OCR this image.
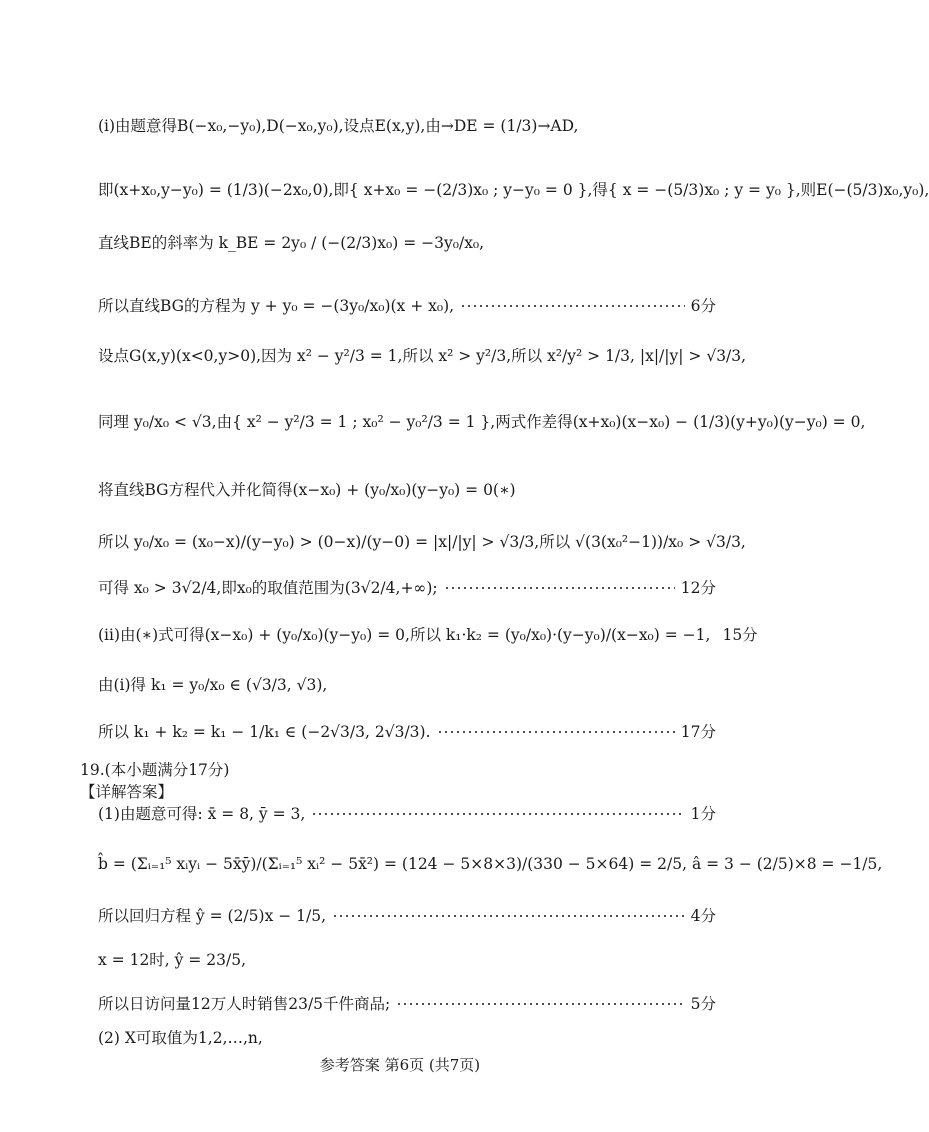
(ⅰ)由题意得B(−x₀,−y₀),D(−x₀,y₀),设点E(x,y),由→DE = (1/3)→AD,
即(x+x₀,y−y₀) = (1/3)(−2x₀,0),即{ x+x₀ = −(2/3)x₀ ; y−y₀ = 0 },得{ x = −(5/3)x₀ ; y = y₀ },则E(−(5/3)x₀,y₀),
直线BE的斜率为 k_BE = 2y₀ / (−(2/3)x₀) = −3y₀/x₀,
所以直线BG的方程为 y + y₀ = −(3y₀/x₀)(x + x₀),	6分
设点G(x,y)(x<0,y>0),因为 x² − y²/3 = 1,所以 x² > y²/3,所以 x²/y² > 1/3, |x|/|y| > √3/3,
同理 y₀/x₀ < √3,由{ x² − y²/3 = 1 ; x₀² − y₀²/3 = 1 },两式作差得(x+x₀)(x−x₀) − (1/3)(y+y₀)(y−y₀) = 0,
将直线BG方程代入并化简得(x−x₀) + (y₀/x₀)(y−y₀) = 0(∗)
所以 y₀/x₀ = (x₀−x)/(y−y₀) > (0−x)/(y−0) = |x|/|y| > √3/3,所以 √(3(x₀²−1))/x₀ > √3/3,
可得 x₀ > 3√2/4,即x₀的取值范围为(3√2/4,+∞);	12分
(ⅱ)由(∗)式可得(x−x₀) + (y₀/x₀)(y−y₀) = 0,所以 k₁·k₂ = (y₀/x₀)·(y−y₀)/(x−x₀) = −1, 15分
由(ⅰ)得 k₁ = y₀/x₀ ∈ (√3/3, √3),
所以 k₁ + k₂ = k₁ − 1/k₁ ∈ (−2√3/3, 2√3/3).	17分
19.(本小题满分17分)
【详解答案】
(1)由题意可得: x̄ = 8, ȳ = 3,	1分
b̂ = (Σᵢ₌₁⁵ xᵢyᵢ − 5x̄ȳ)/(Σᵢ₌₁⁵ xᵢ² − 5x̄²) = (124 − 5×8×3)/(330 − 5×64) = 2/5, â = 3 − (2/5)×8 = −1/5,
所以回归方程 ŷ = (2/5)x − 1/5,	4分
x = 12时, ŷ = 23/5,
所以日访问量12万人时销售23/5千件商品;	5分
(2) X可取值为1,2,…,n,
参考答案 第6页 (共7页)
